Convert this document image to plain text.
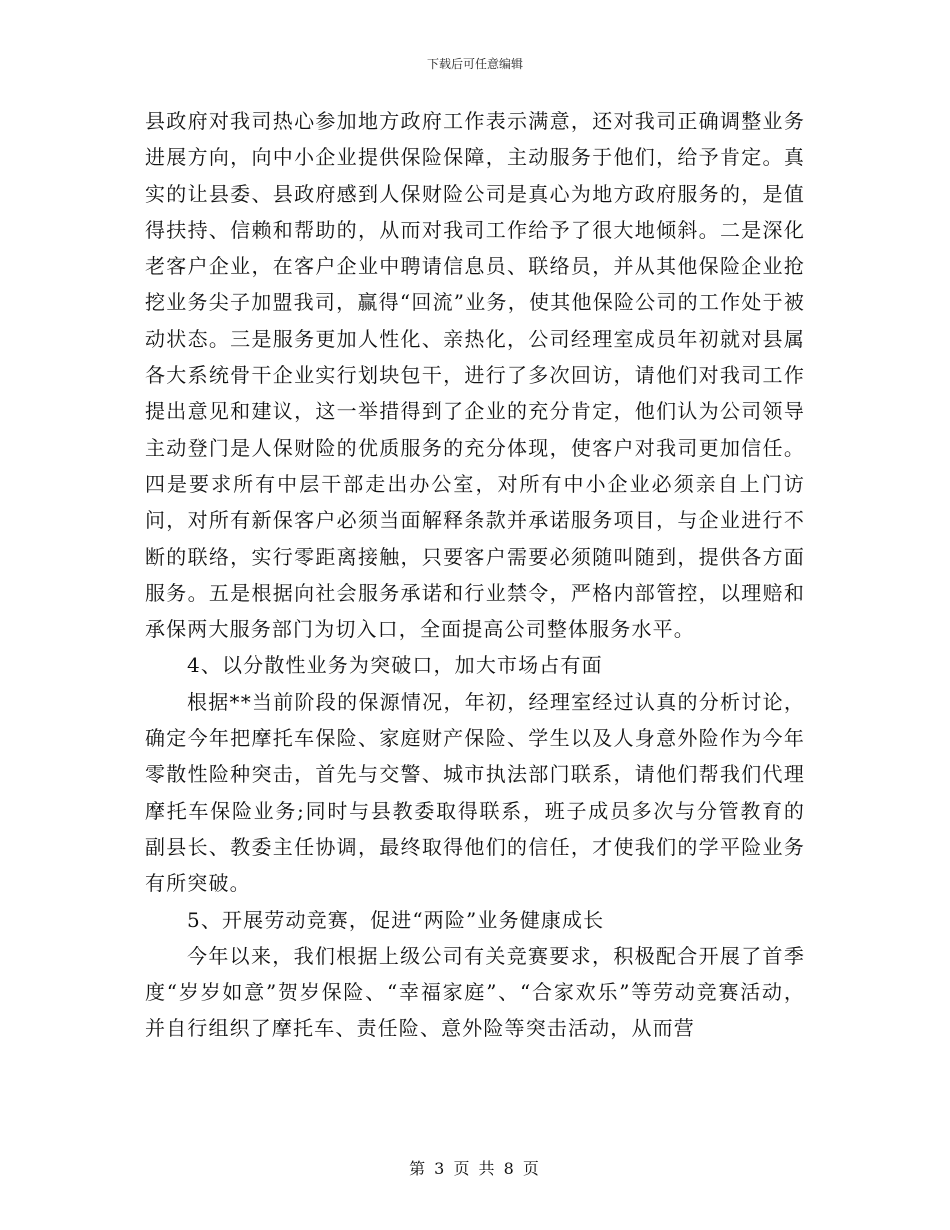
下载后可任意编辑

县政府对我司热心参加地方政府工作表示满意，还对我司正确调整业务进展方向，向中小企业提供保险保障，主动服务于他们，给予肯定。真实的让县委、县政府感到人保财险公司是真心为地方政府服务的，是值得扶持、信赖和帮助的，从而对我司工作给予了很大地倾斜。二是深化老客户企业，在客户企业中聘请信息员、联络员，并从其他保险企业抢挖业务尖子加盟我司，赢得“回流”业务，使其他保险公司的工作处于被动状态。三是服务更加人性化、亲热化，公司经理室成员年初就对县属各大系统骨干企业实行划块包干，进行了多次回访，请他们对我司工作提出意见和建议，这一举措得到了企业的充分肯定，他们认为公司领导主动登门是人保财险的优质服务的充分体现，使客户对我司更加信任。四是要求所有中层干部走出办公室，对所有中小企业必须亲自上门访问，对所有新保客户必须当面解释条款并承诺服务项目，与企业进行不断的联络，实行零距离接触，只要客户需要必须随叫随到，提供各方面服务。五是根据向社会服务承诺和行业禁令，严格内部管控，以理赔和承保两大服务部门为切入口，全面提高公司整体服务水平。

4、以分散性业务为突破口，加大市场占有面

根据**当前阶段的保源情况，年初，经理室经过认真的分析讨论，确定今年把摩托车保险、家庭财产保险、学生以及人身意外险作为今年零散性险种突击，首先与交警、城市执法部门联系，请他们帮我们代理摩托车保险业务;同时与县教委取得联系，班子成员多次与分管教育的副县长、教委主任协调，最终取得他们的信任，才使我们的学平险业务有所突破。

5、开展劳动竞赛，促进“两险”业务健康成长

今年以来，我们根据上级公司有关竞赛要求，积极配合开展了首季度“岁岁如意”贺岁保险、“幸福家庭”、“合家欢乐”等劳动竞赛活动，并自行组织了摩托车、责任险、意外险等突击活动，从而营

第 3 页 共 8 页
